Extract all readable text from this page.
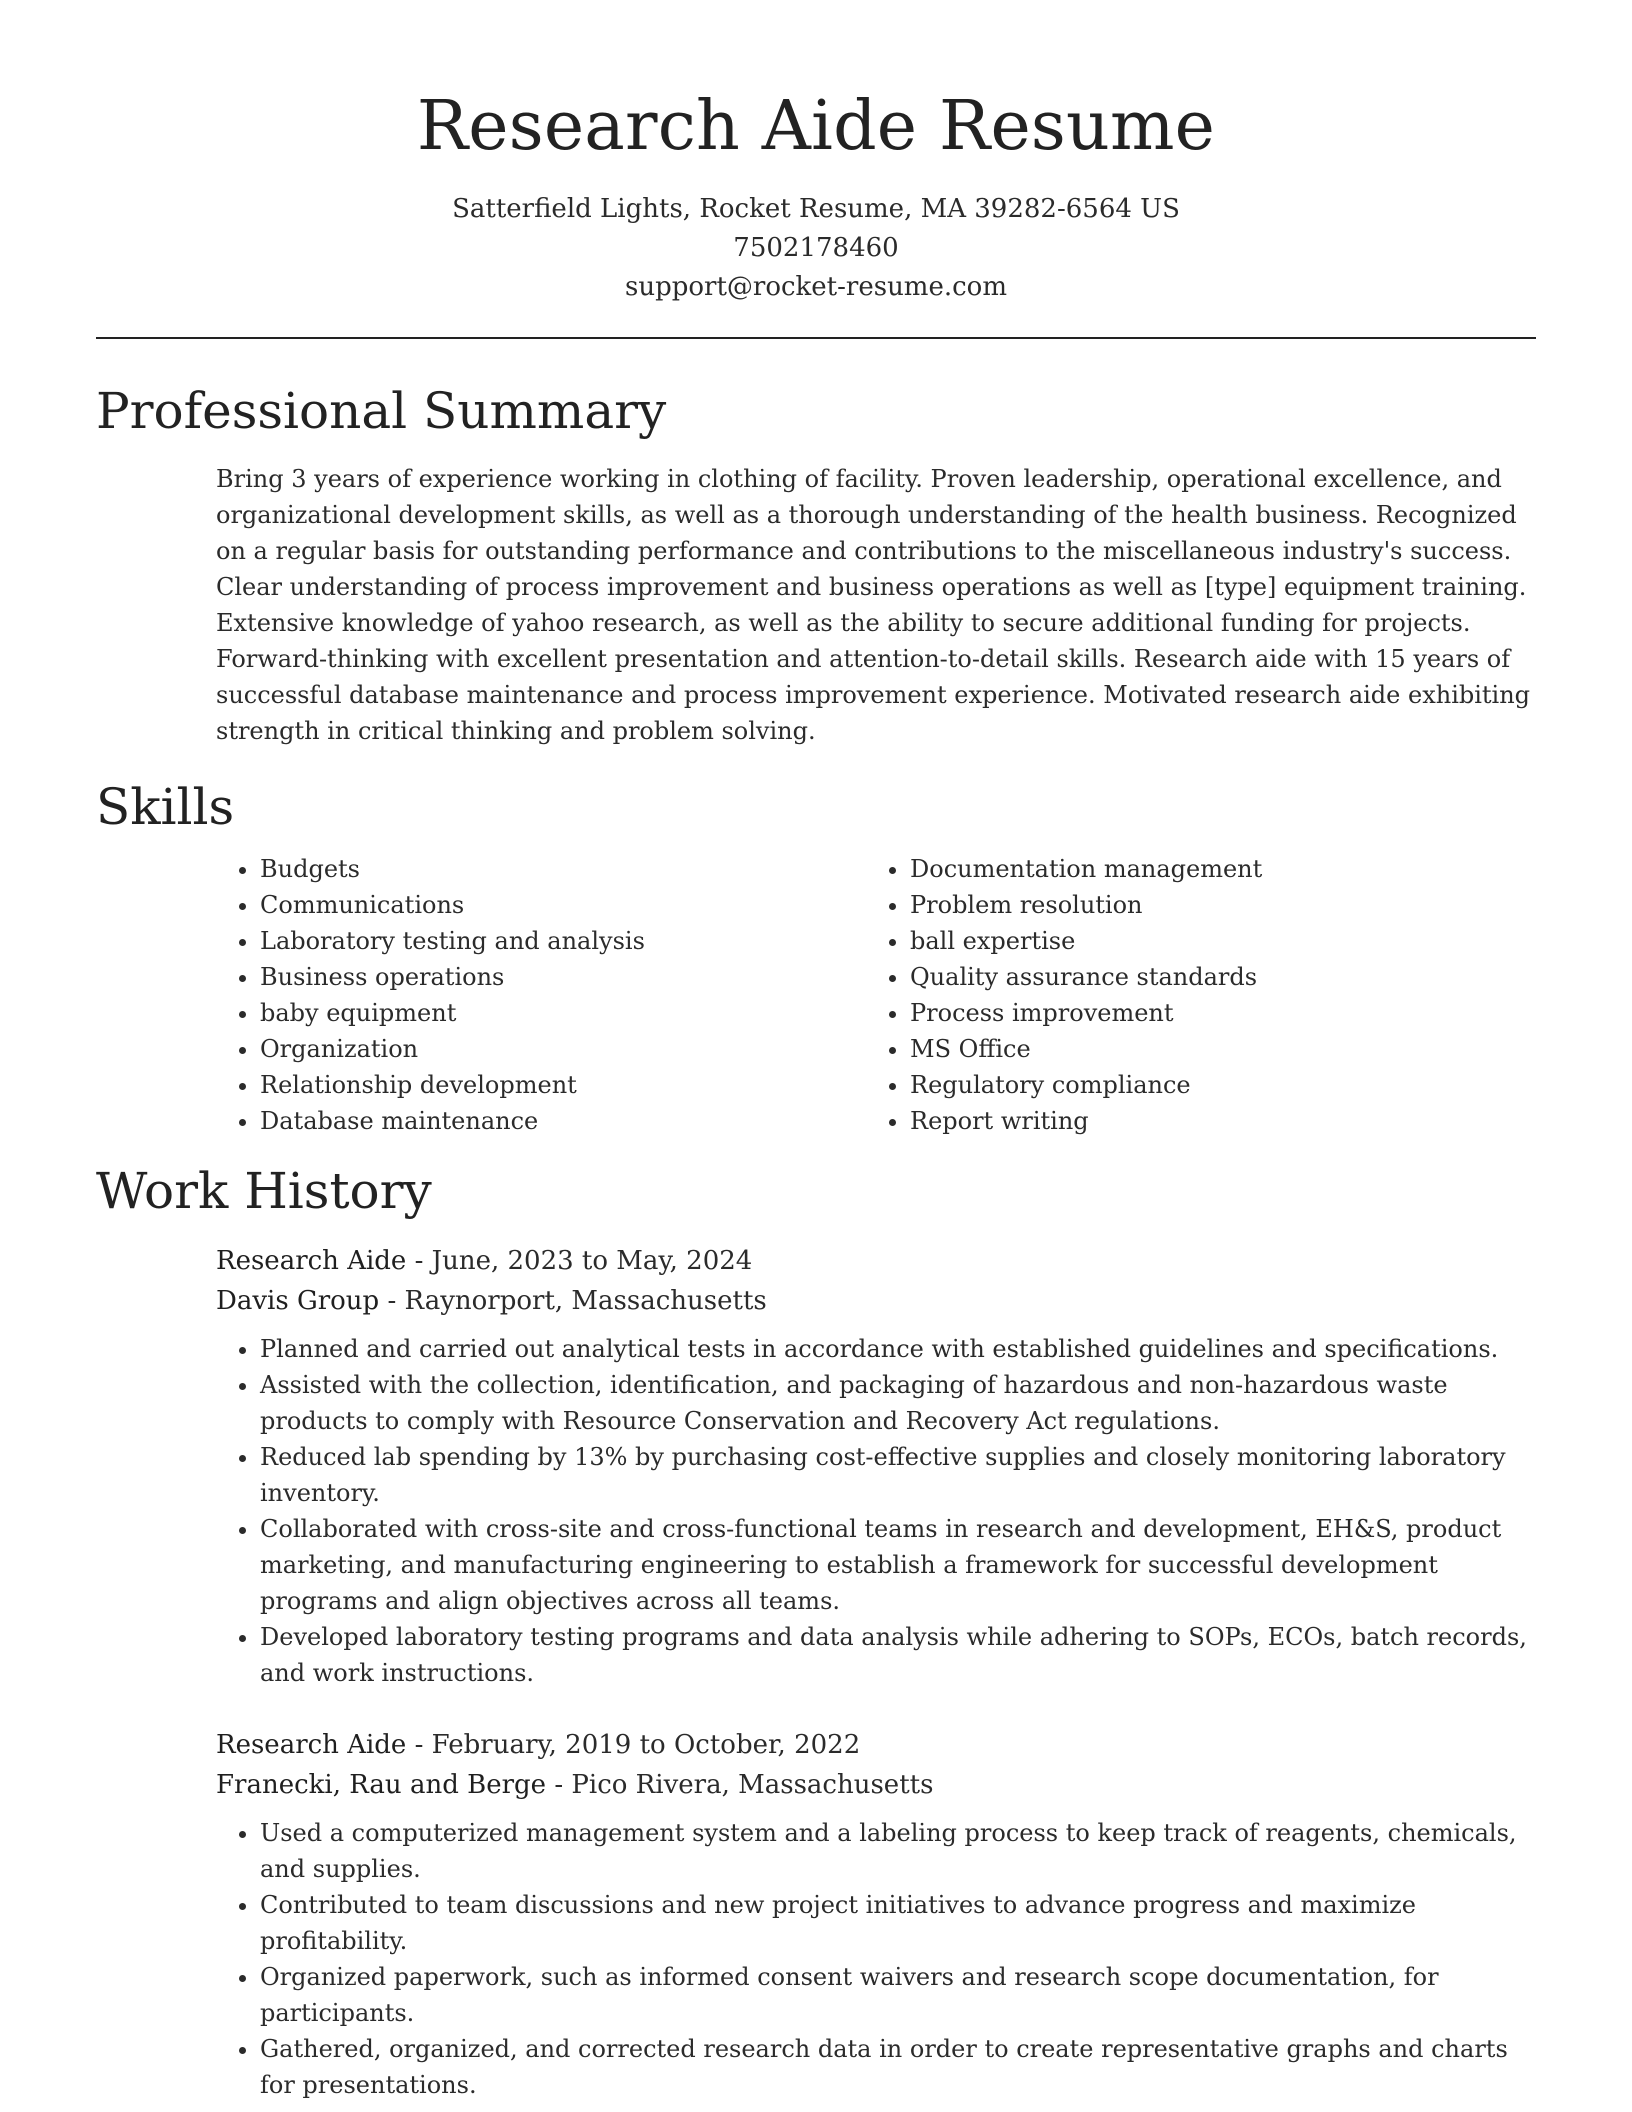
Research Aide Resume
Satterfield Lights, Rocket Resume, MA 39282-6564 US
7502178460
support@rocket-resume.com
Professional Summary

Bring 3 years of experience working in clothing of facility. Proven leadership, operational excellence, and organizational development skills, as well as a thorough understanding of the health business. Recognized on a regular basis for outstanding performance and contributions to the miscellaneous industry's success. Clear understanding of process improvement and business operations as well as [type] equipment training. Extensive knowledge of yahoo research, as well as the ability to secure additional funding for projects. Forward-thinking with excellent presentation and attention-to-detail skills. Research aide with 15 years of successful database maintenance and process improvement experience. Motivated research aide exhibiting strength in critical thinking and problem solving.

Skills
• Budgets
• Communications
• Laboratory testing and analysis
• Business operations
• baby equipment
• Organization
• Relationship development
• Database maintenance
• Documentation management
• Problem resolution
• ball expertise
• Quality assurance standards
• Process improvement
• MS Office
• Regulatory compliance
• Report writing
Work History
Research Aide - June, 2023 to May, 2024
Davis Group - Raynorport, Massachusetts
• Planned and carried out analytical tests in accordance with established guidelines and specifications.
• Assisted with the collection, identification, and packaging of hazardous and non-hazardous waste products to comply with Resource Conservation and Recovery Act regulations.
• Reduced lab spending by 13% by purchasing cost-effective supplies and closely monitoring laboratory inventory.
• Collaborated with cross-site and cross-functional teams in research and development, EH&S, product marketing, and manufacturing engineering to establish a framework for successful development programs and align objectives across all teams.
• Developed laboratory testing programs and data analysis while adhering to SOPs, ECOs, batch records, and work instructions.
Research Aide - February, 2019 to October, 2022
Franecki, Rau and Berge - Pico Rivera, Massachusetts
• Used a computerized management system and a labeling process to keep track of reagents, chemicals, and supplies.
• Contributed to team discussions and new project initiatives to advance progress and maximize profitability.
• Organized paperwork, such as informed consent waivers and research scope documentation, for participants.
• Gathered, organized, and corrected research data in order to create representative graphs and charts for presentations.
